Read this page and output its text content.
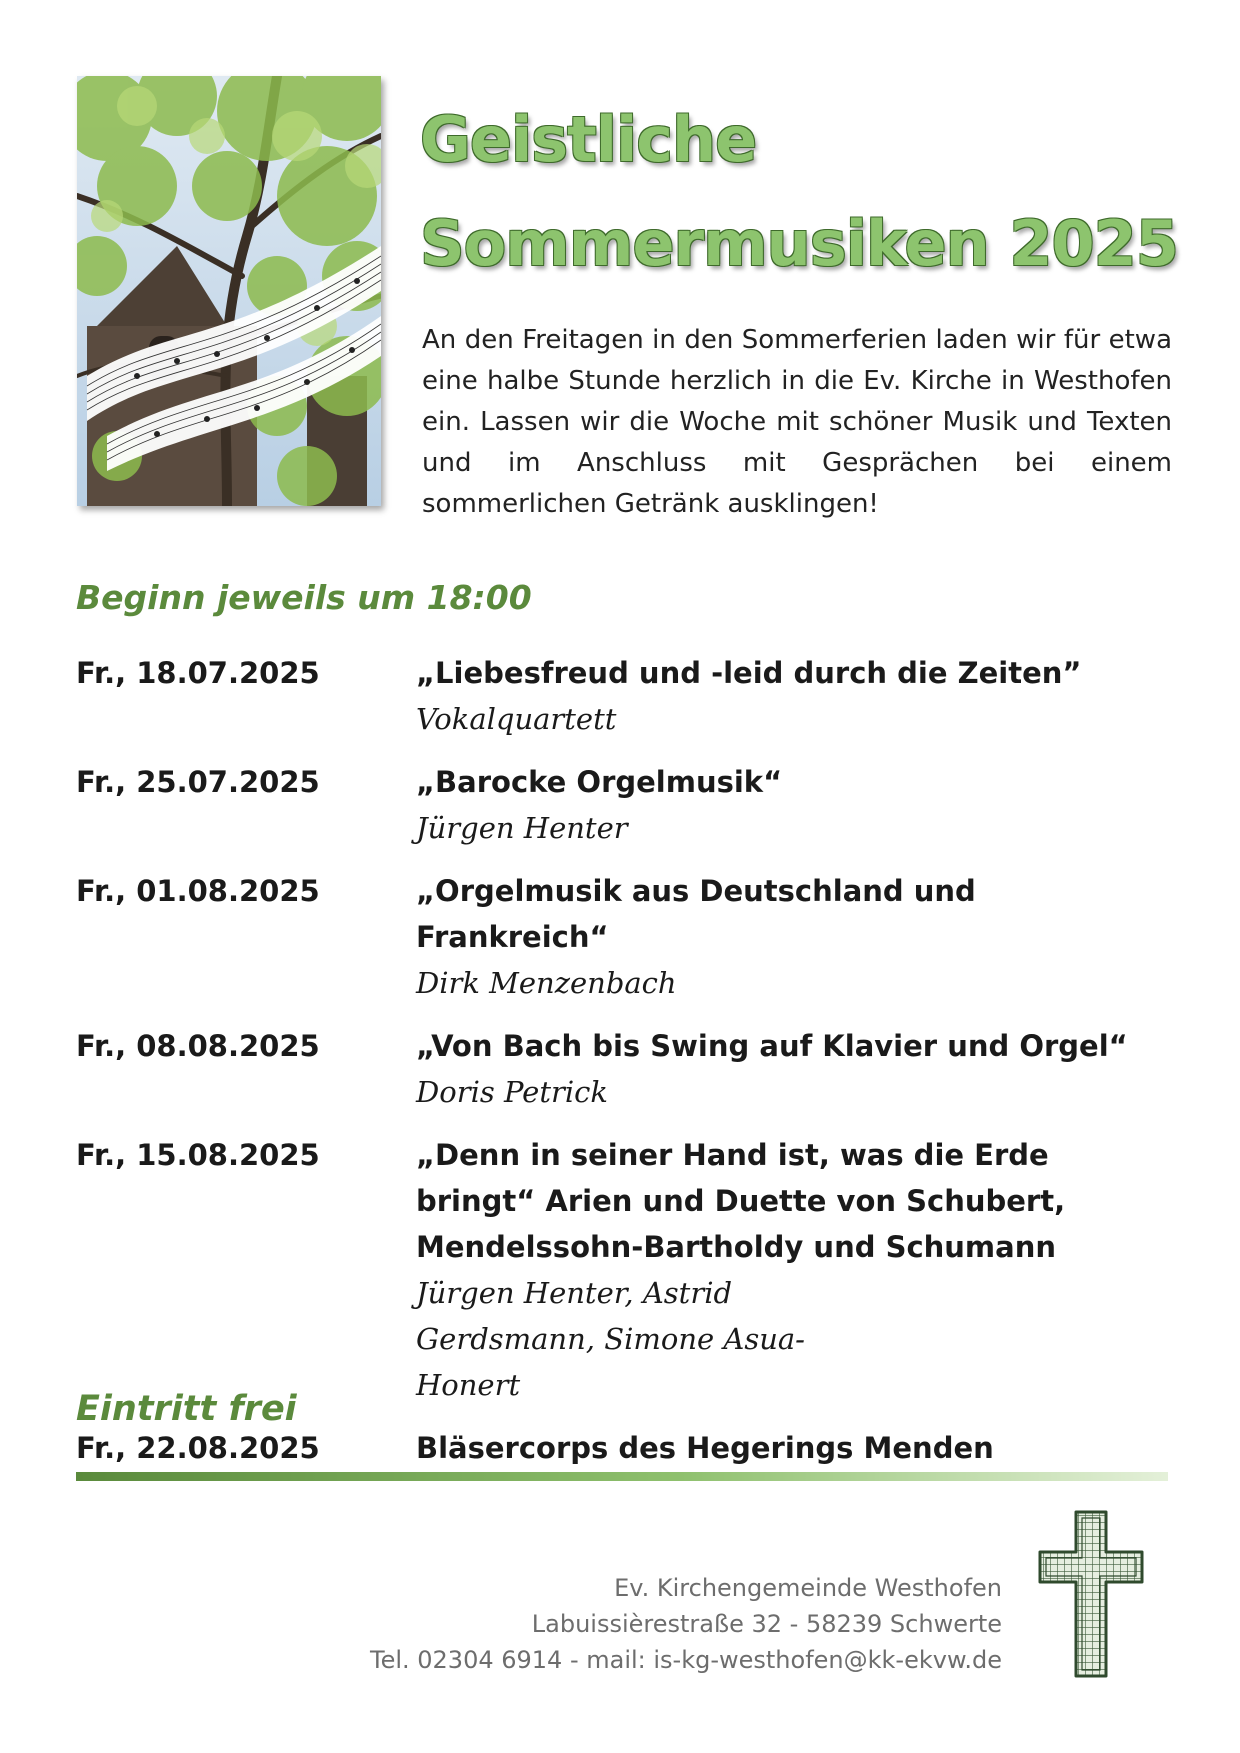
Geistliche
Sommermusiken 2025

An den Freitagen in den Sommerferien laden wir für etwa eine halbe Stunde herzlich in die Ev. Kirche in Westhofen ein. Lassen wir die Woche mit schöner Musik und Texten und im Anschluss mit Gesprächen bei einem sommerlichen Getränk ausklingen!

Beginn jeweils um 18:00
Fr., 18.07.2025	„Liebesfreud und -leid durch die Zeiten”
Vokalquartett
Fr., 25.07.2025	„Barocke Orgelmusik“
Jürgen Henter
Fr., 01.08.2025	„Orgelmusik aus Deutschland und Frankreich“
Dirk Menzenbach
Fr., 08.08.2025	„Von Bach bis Swing auf Klavier und Orgel“
Doris Petrick
Fr., 15.08.2025	„Denn in seiner Hand ist, was die Erde bringt“ Arien und Duette von Schubert, Mendelssohn-Bartholdy und Schumann
Jürgen Henter, Astrid Gerdsmann, Simone Asua-Honert
Fr., 22.08.2025	Bläsercorps des Hegerings Menden
Eintritt frei
Ev. Kirchengemeinde Westhofen
Labuissièrestraße 32 - 58239 Schwerte
Tel. 02304 6914 - mail: is-kg-westhofen@kk-ekvw.de
